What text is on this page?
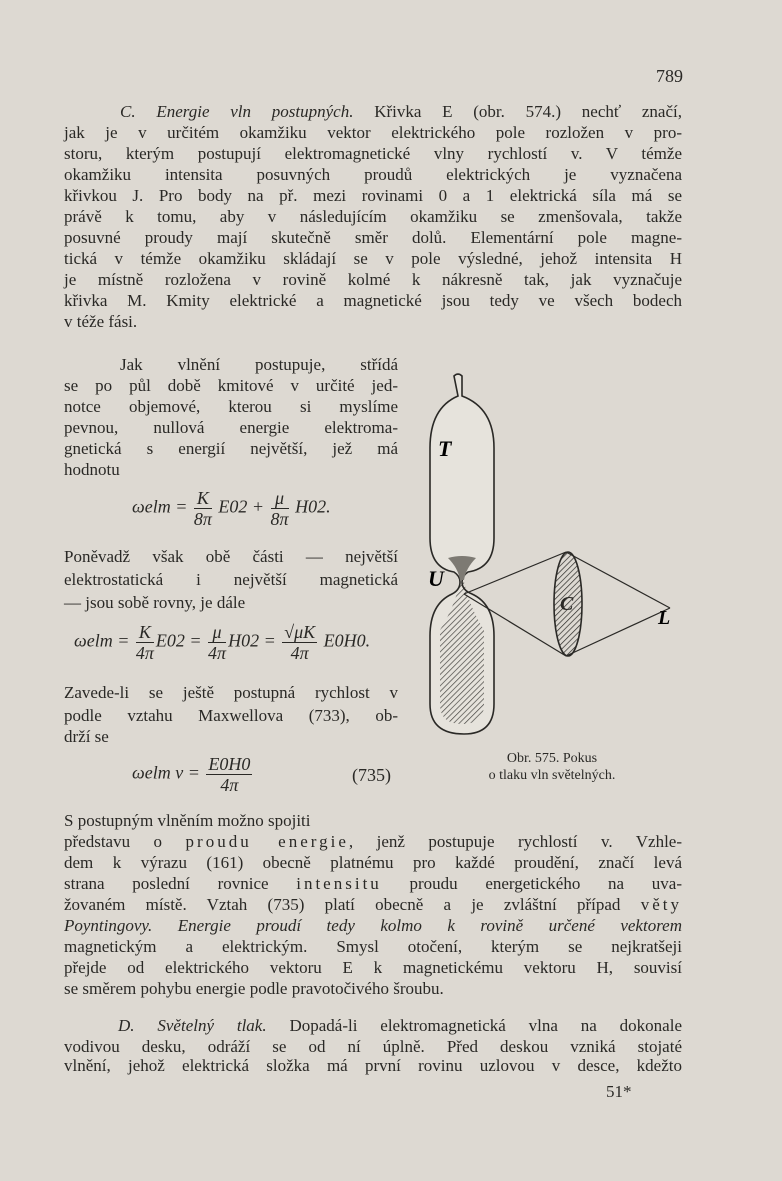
789
C. Energie vln postupných. Křivka E (obr. 574.) nechť značí,
jak je v určitém okamžiku vektor elektrického pole rozložen v pro-
storu, kterým postupují elektromagnetické vlny rychlostí v. V témže
okamžiku intensita posuvných proudů elektrických je vyznačena
křivkou J. Pro body na př. mezi rovinami 0 a 1 elektrická síla má se
právě k tomu, aby v následujícím okamžiku se zmenšovala, takže
posuvné proudy mají skutečně směr dolů. Elementární pole magne-
tická v témže okamžiku skládají se v pole výsledné, jehož intensita H
je místně rozložena v rovině kolmé k nákresně tak, jak vyznačuje
křivka M. Kmity elektrické a magnetické jsou tedy ve všech bodech
v téže fási.
Jak vlnění postupuje, střídá
se po půl době kmitové v určité jed-
notce objemové, kterou si myslíme
pevnou, nullová energie elektroma-
gnetická s energií největší, jež má
hodnotu
$\omega elm = \frac{K}{8\pi} E02 + \frac{\mu}{8\pi} H02$.
Poněvadž však obě části — největší
elektrostatická i největší magnetická
— jsou sobě rovny, je dále
$\omega elm = \frac{K}{4\pi} E02 = \frac{\mu}{4\pi} H02 = \frac{√\mu K}{4\pi} E0H0$.
Zavede-li se ještě postupná rychlost v
podle vztahu Maxwellova (733), ob-
drží se
ωelm $v = \frac{E0H0}{4\pi}$	(735)
T
U
C
L
Obr. 575. Pokus
o tlaku vln světelných.
S postupným vlněním možno spojiti
představu o proudu energie, jenž postupuje rychlostí v. Vzhle-
dem k výrazu (161) obecně platnému pro každé proudění, značí levá
strana poslední rovnice intensitu proudu energetického na uva-
žovaném místě. Vztah (735) platí obecně a je zvláštní případ věty
Poyntingovy. Energie proudí tedy kolmo k rovině určené vektorem
magnetickým a elektrickým. Smysl otočení, kterým se nejkratšeji
přejde od elektrického vektoru E k magnetickému vektoru H, souvisí
se směrem pohybu energie podle pravotočivého šroubu.
D. Světelný tlak. Dopadá-li elektromagnetická vlna na dokonale
vodivou desku, odráží se od ní úplně. Před deskou vzniká stojaté
vlnění, jehož elektrická složka má první rovinu uzlovou v desce, kdežto
51*
